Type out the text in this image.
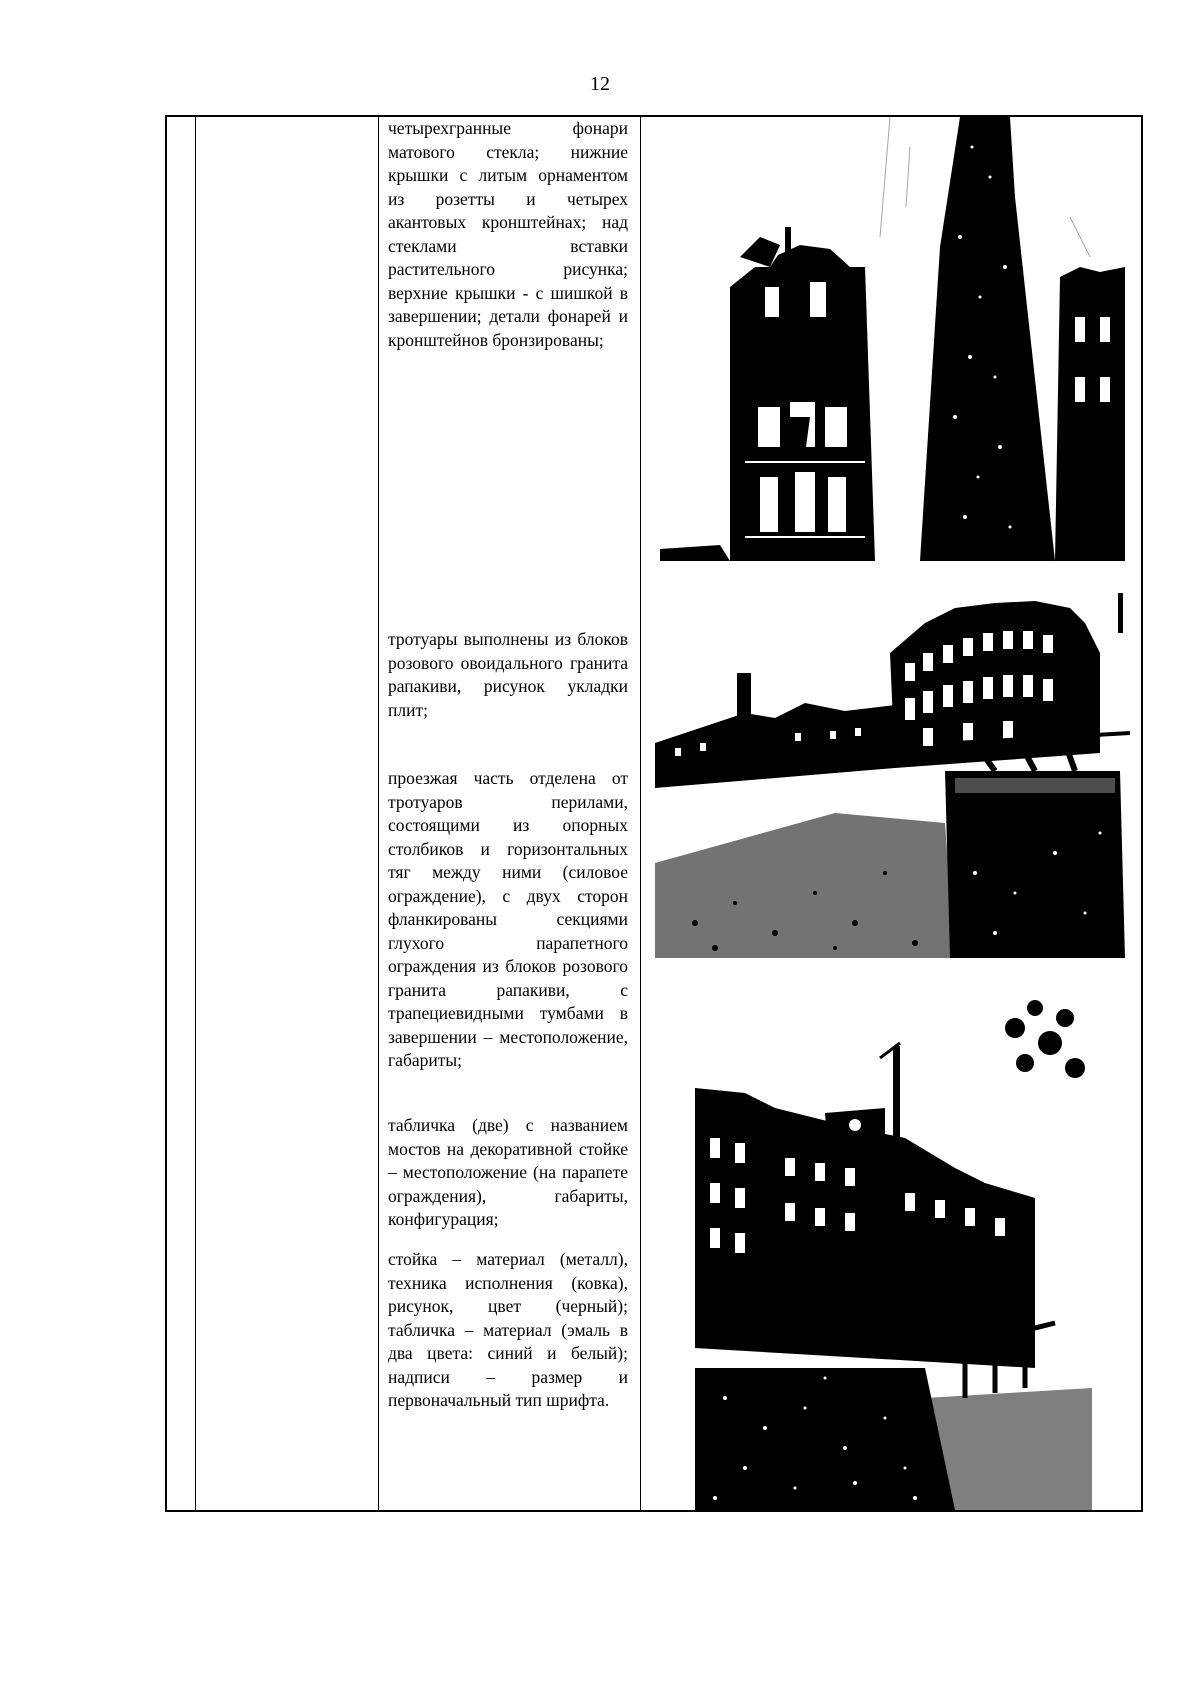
12

четырехгранные фонари матового стекла; нижние крышки с литым орнаментом из розетты и четырех акантовых кронштейнах; над стеклами вставки растительного рисунка; верхние крышки - с шишкой в завершении; детали фонарей и кронштейнов бронзированы;

тротуары выполнены из блоков розового овоидального гранита рапакиви, рисунок укладки плит;

проезжая часть отделена от тротуаров перилами, состоящими из опорных столбиков и горизонтальных тяг между ними (силовое ограждение), с двух сторон фланкированы секциями глухого парапетного ограждения из блоков розового гранита рапакиви, с трапециевидными тумбами в завершении – местоположение, габариты;

табличка (две) с названием мостов на декоративной стойке – местоположение (на парапете ограждения), габариты, конфигурация;

стойка – материал (металл), техника исполнения (ковка), рисунок, цвет (черный); табличка – материал (эмаль в два цвета: синий и белый); надписи – размер и первоначальный тип шрифта.
